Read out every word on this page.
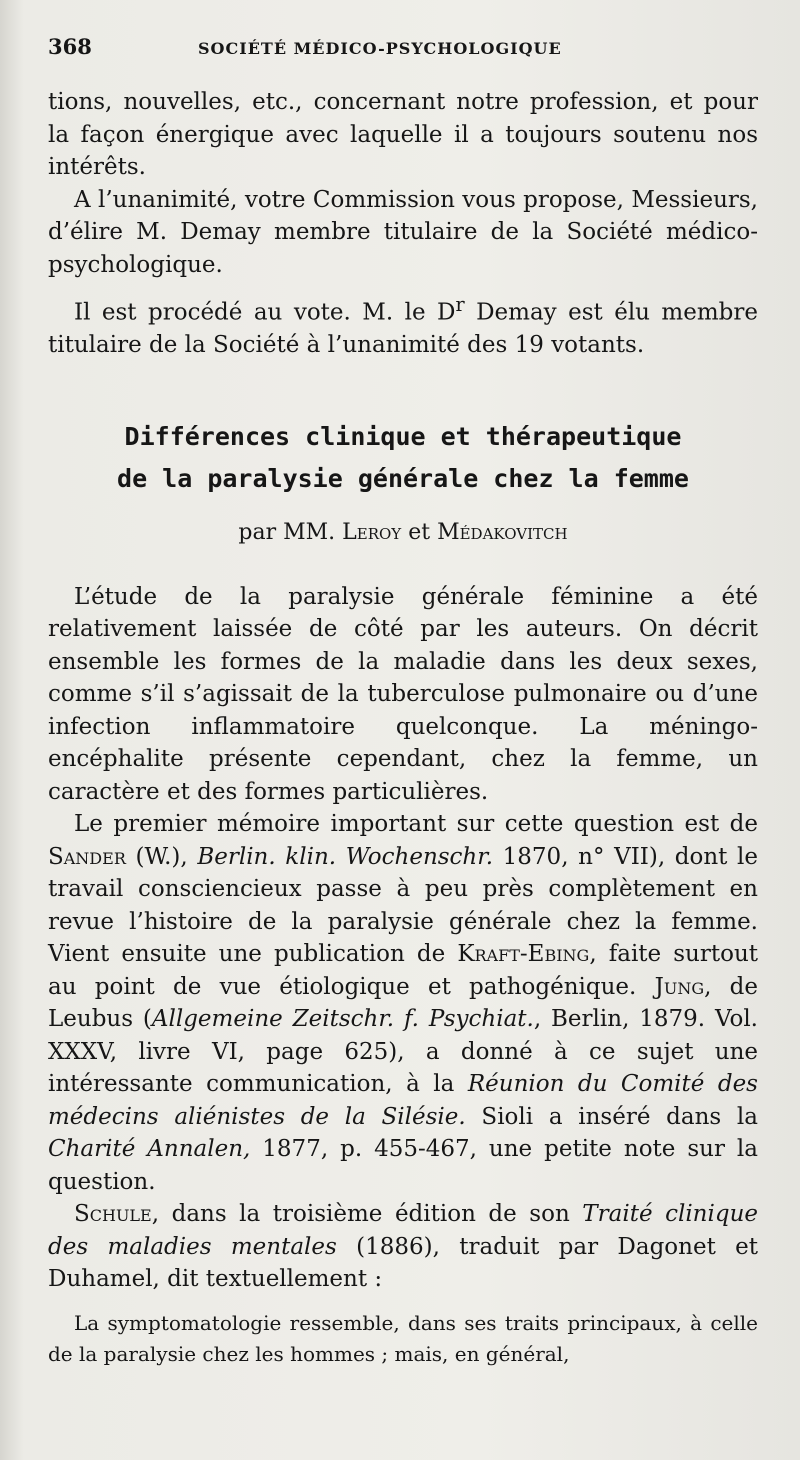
368	SOCIÉTÉ MÉDICO-PSYCHOLOGIQUE

tions, nouvelles, etc., concernant notre profession, et pour la façon énergique avec laquelle il a toujours soutenu nos intérêts.

A l’unanimité, votre Commission vous propose, Messieurs, d’élire M. Demay membre titulaire de la Société médico-psychologique.

Il est procédé au vote. M. le $D^r$ Demay est élu membre titulaire de la Société à l’unanimité des 19 votants.

Différences clinique et thérapeutique
de la paralysie générale chez la femme
par MM. Leroy et Médakovitch

L’étude de la paralysie générale féminine a été relativement laissée de côté par les auteurs. On décrit ensemble les formes de la maladie dans les deux sexes, comme s’il s’agissait de la tuberculose pulmonaire ou d’une infection inflammatoire quelconque. La méningo-encéphalite présente cependant, chez la femme, un caractère et des formes particulières.

Le premier mémoire important sur cette question est de Sander (W.), Berlin. klin. Wochenschr. 1870, n° VII), dont le travail consciencieux passe à peu près complètement en revue l’histoire de la paralysie générale chez la femme. Vient ensuite une publication de Kraft-Ebing, faite surtout au point de vue étiologique et pathogénique. Jung, de Leubus (Allgemeine Zeitschr. f. Psychiat., Berlin, 1879. Vol. XXXV, livre VI, page 625), a donné à ce sujet une intéressante communication, à la Réunion du Comité des médecins aliénistes de la Silésie. Sioli a inséré dans la Charité Annalen, 1877, p. 455-467, une petite note sur la question.

Schule, dans la troisième édition de son Traité clinique des maladies mentales (1886), traduit par Dagonet et Duhamel, dit textuellement :

La symptomatologie ressemble, dans ses traits principaux, à celle de la paralysie chez les hommes ; mais, en général,
